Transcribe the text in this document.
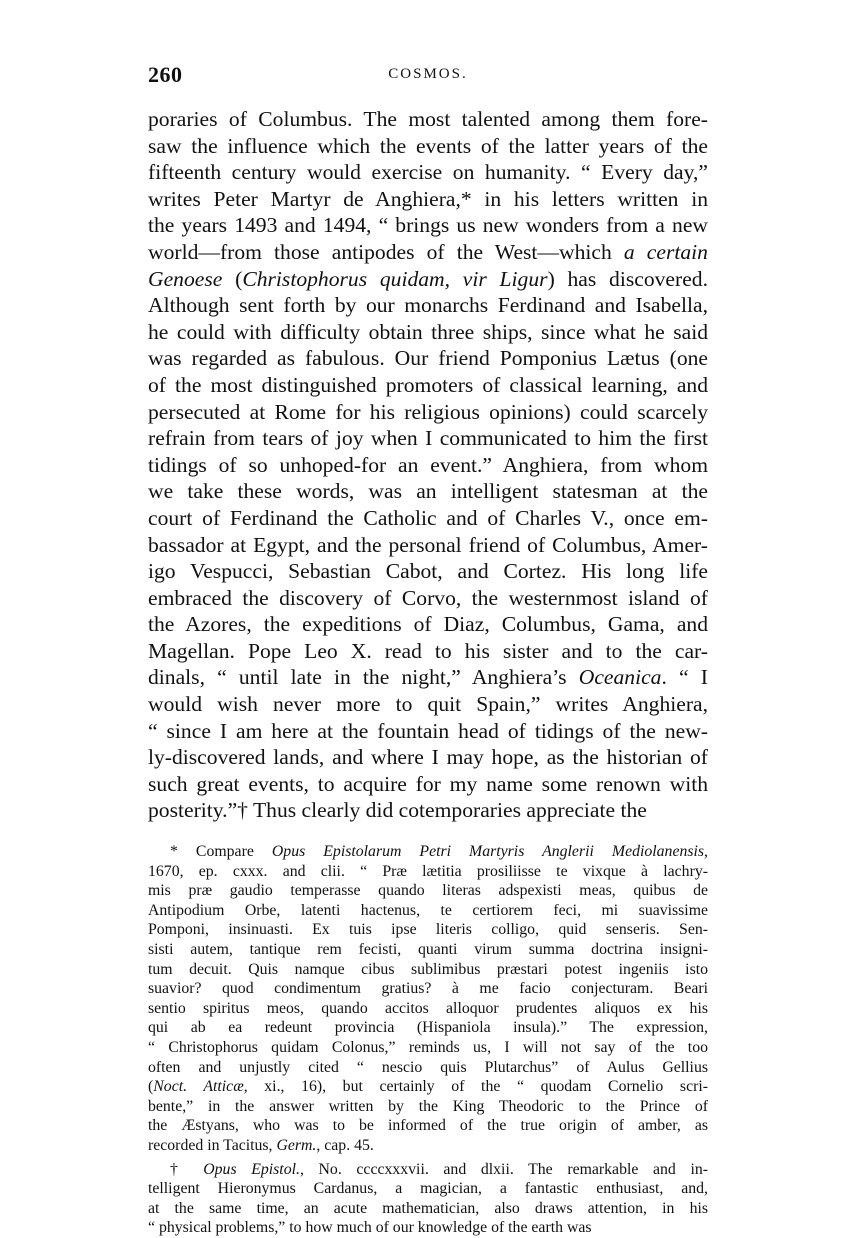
260	COSMOS.
poraries of Columbus. The most talented among them fore-
saw the influence which the events of the latter years of the
fifteenth century would exercise on humanity. “ Every day,”
writes Peter Martyr de Anghiera,* in his letters written in
the years 1493 and 1494, “ brings us new wonders from a new
world—from those antipodes of the West—which a certain
Genoese (Christophorus quidam, vir Ligur) has discovered.
Although sent forth by our monarchs Ferdinand and Isabella,
he could with difficulty obtain three ships, since what he said
was regarded as fabulous. Our friend Pomponius Lætus (one
of the most distinguished promoters of classical learning, and
persecuted at Rome for his religious opinions) could scarcely
refrain from tears of joy when I communicated to him the first
tidings of so unhoped-for an event.” Anghiera, from whom
we take these words, was an intelligent statesman at the
court of Ferdinand the Catholic and of Charles V., once em-
bassador at Egypt, and the personal friend of Columbus, Amer-
igo Vespucci, Sebastian Cabot, and Cortez. His long life
embraced the discovery of Corvo, the westernmost island of
the Azores, the expeditions of Diaz, Columbus, Gama, and
Magellan. Pope Leo X. read to his sister and to the car-
dinals, “ until late in the night,” Anghiera’s Oceanica. “ I
would wish never more to quit Spain,” writes Anghiera,
“ since I am here at the fountain head of tidings of the new-
ly-discovered lands, and where I may hope, as the historian of
such great events, to acquire for my name some renown with
posterity.”† Thus clearly did cotemporaries appreciate the
* Compare Opus Epistolarum Petri Martyris Anglerii Mediolanensis,
1670, ep. cxxx. and clii. “ Præ lætitia prosiliisse te vixque à lachry-
mis præ gaudio temperasse quando literas adspexisti meas, quibus de
Antipodium Orbe, latenti hactenus, te certiorem feci, mi suavissime
Pomponi, insinuasti. Ex tuis ipse literis colligo, quid senseris. Sen-
sisti autem, tantique rem fecisti, quanti virum summa doctrina insigni-
tum decuit. Quis namque cibus sublimibus præstari potest ingeniis isto
suavior? quod condimentum gratius? à me facio conjecturam. Beari
sentio spiritus meos, quando accitos alloquor prudentes aliquos ex his
qui ab ea redeunt provincia (Hispaniola insula).” The expression,
“ Christophorus quidam Colonus,” reminds us, I will not say of the too
often and unjustly cited “ nescio quis Plutarchus” of Aulus Gellius
(Noct. Atticæ, xi., 16), but certainly of the “ quodam Cornelio scri-
bente,” in the answer written by the King Theodoric to the Prince of
the Æstyans, who was to be informed of the true origin of amber, as
recorded in Tacitus, Germ., cap. 45.
† Opus Epistol., No. ccccxxxvii. and dlxii. The remarkable and in-
telligent Hieronymus Cardanus, a magician, a fantastic enthusiast, and,
at the same time, an acute mathematician, also draws attention, in his
“ physical problems,” to how much of our knowledge of the earth was
